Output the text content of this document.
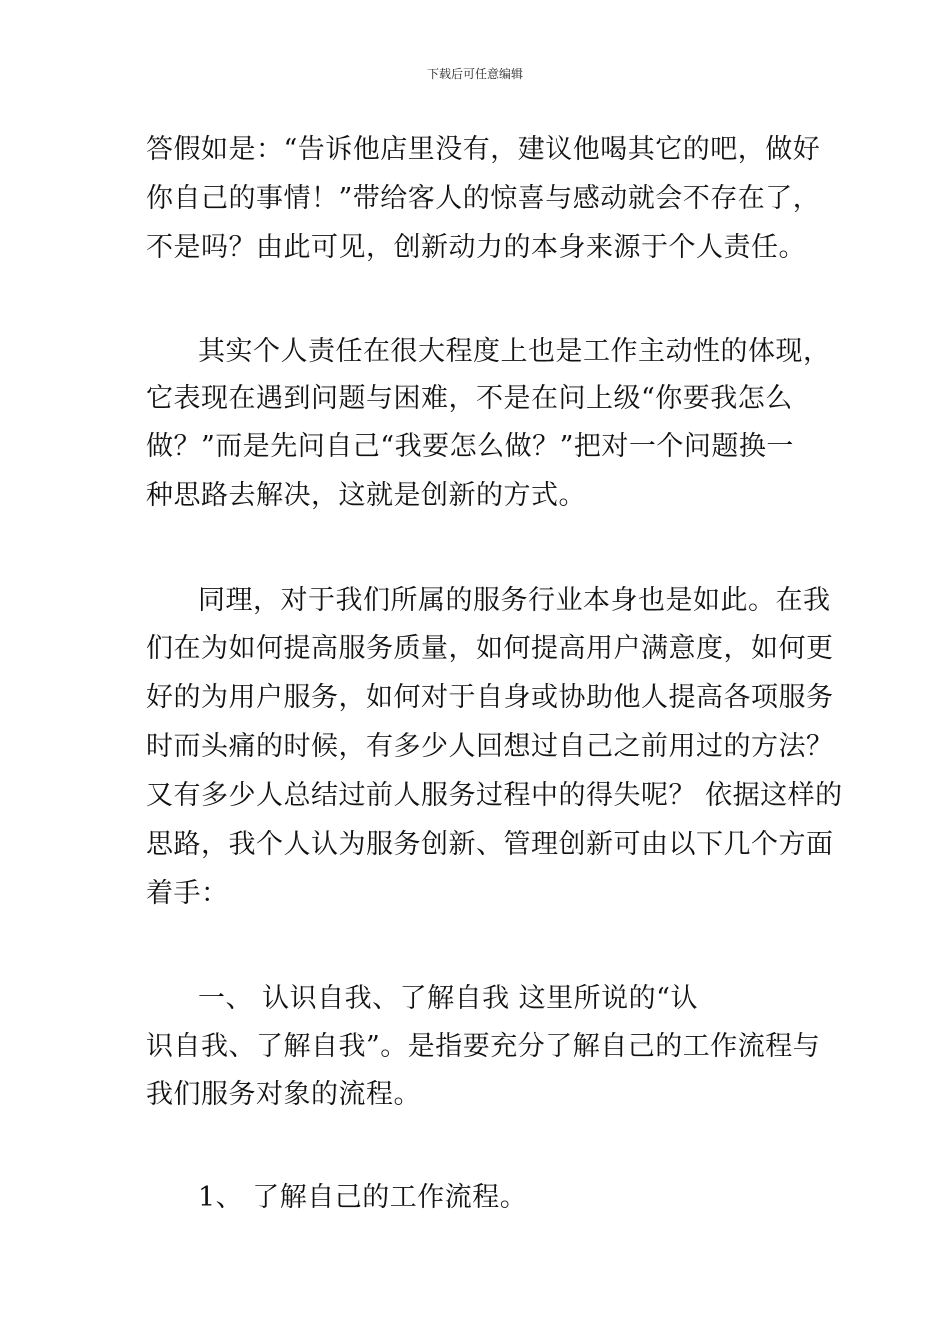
下载后可任意编辑
答假如是：“告诉他店里没有，建议他喝其它的吧，做好
你自己的事情！”带给客人的惊喜与感动就会不存在了，
不是吗？由此可见，创新动力的本身来源于个人责任。
其实个人责任在很大程度上也是工作主动性的体现，
它表现在遇到问题与困难，不是在问上级“你要我怎么
做？”而是先问自己“我要怎么做？”把对一个问题换一
种思路去解决，这就是创新的方式。
同理，对于我们所属的服务行业本身也是如此。在我
们在为如何提高服务质量，如何提高用户满意度，如何更
好的为用户服务，如何对于自身或协助他人提高各项服务
时而头痛的时候，有多少人回想过自己之前用过的方法？
又有多少人总结过前人服务过程中的得失呢？ 依据这样的
思路，我个人认为服务创新、管理创新可由以下几个方面
着手：
一、 认识自我、了解自我 这里所说的“认
识自我、了解自我”。是指要充分了解自己的工作流程与
我们服务对象的流程。
1、 了解自己的工作流程。
